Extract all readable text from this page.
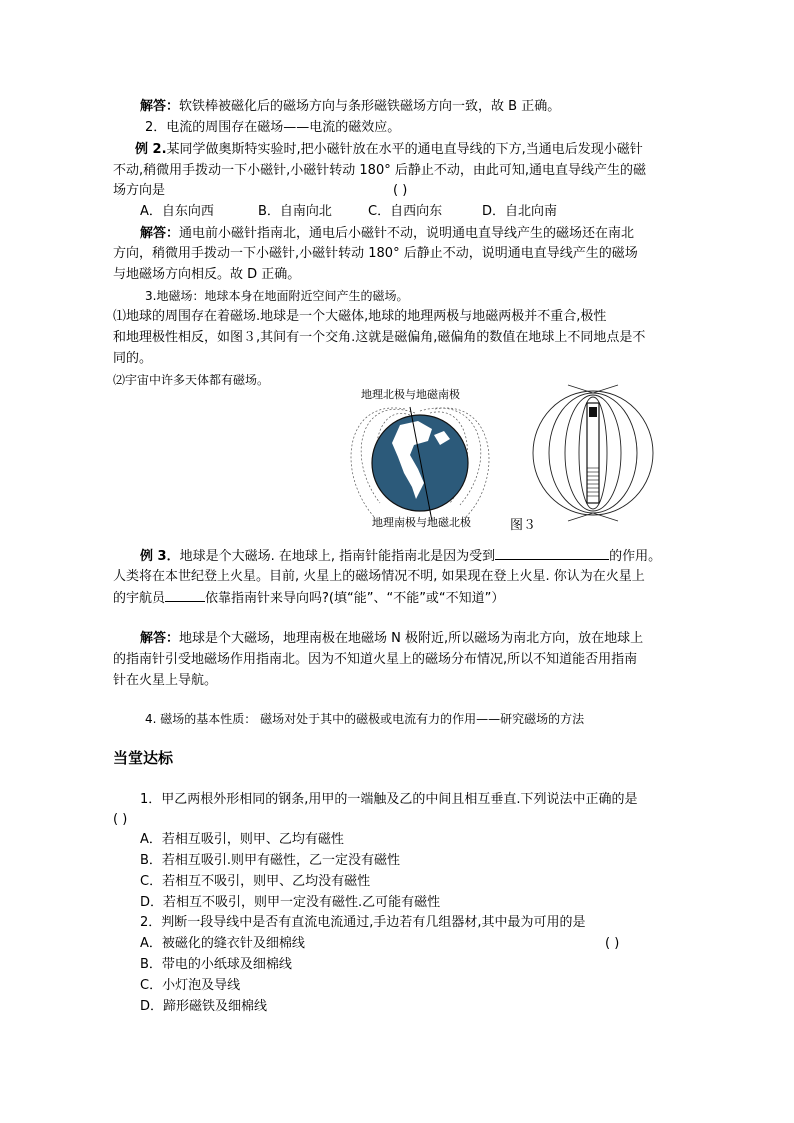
解答：软铁棒被磁化后的磁场方向与条形磁铁磁场方向一致，故 B 正确。
2．电流的周围存在磁场——电流的磁效应。
例 2.某同学做奥斯特实验时,把小磁针放在水平的通电直导线的下方,当通电后发现小磁针
不动,稍微用手拨动一下小磁针,小磁针转动 180° 后静止不动，由此可知,通电直导线产生的磁
场方向是	( )
A．自东向西	B．自南向北	C．自西向东	D．自北向南
解答：通电前小磁针指南北，通电后小磁针不动，说明通电直导线产生的磁场还在南北
方向，稍微用手拨动一下小磁针,小磁针转动 180° 后静止不动，说明通电直导线产生的磁场
与地磁场方向相反。故 D 正确。
3.地磁场：地球本身在地面附近空间产生的磁场。
⑴地球的周围存在着磁场.地球是一个大磁体,地球的地理两极与地磁两极并不重合,极性
和地理极性相反，如图３,其间有一个交角.这就是磁偏角,磁偏角的数值在地球上不同地点是不
同的。
⑵宇宙中许多天体都有磁场。
地理北极与地磁南极
地理南极与地磁北极	图３
例 3．地球是个大磁场. 在地球上, 指南针能指南北是因为受到	的作用。
人类将在本世纪登上火星。目前, 火星上的磁场情况不明, 如果现在登上火星. 你认为在火星上
的宇航员	依靠指南针来导向吗?(填“能”、“不能”或“不知道”）
解答：地球是个大磁场，地理南极在地磁场 N 极附近,所以磁场为南北方向，放在地球上
的指南针引受地磁场作用指南北。因为不知道火星上的磁场分布情况,所以不知道能否用指南
针在火星上导航。
4. 磁场的基本性质： 磁场对处于其中的磁极或电流有力的作用——研究磁场的方法
当堂达标
1．甲乙两根外形相同的钢条,用甲的一端触及乙的中间且相互垂直.下列说法中正确的是
( )
A．若相互吸引，则甲、乙均有磁性
B．若相互吸引.则甲有磁性，乙一定没有磁性
C．若相互不吸引，则甲、乙均没有磁性
D．若相互不吸引，则甲一定没有磁性.乙可能有磁性
2．判断一段导线中是否有直流电流通过,手边若有几组器材,其中最为可用的是
A．被磁化的缝衣针及细棉线	( )
B．带电的小纸球及细棉线
C．小灯泡及导线
D．蹄形磁铁及细棉线
